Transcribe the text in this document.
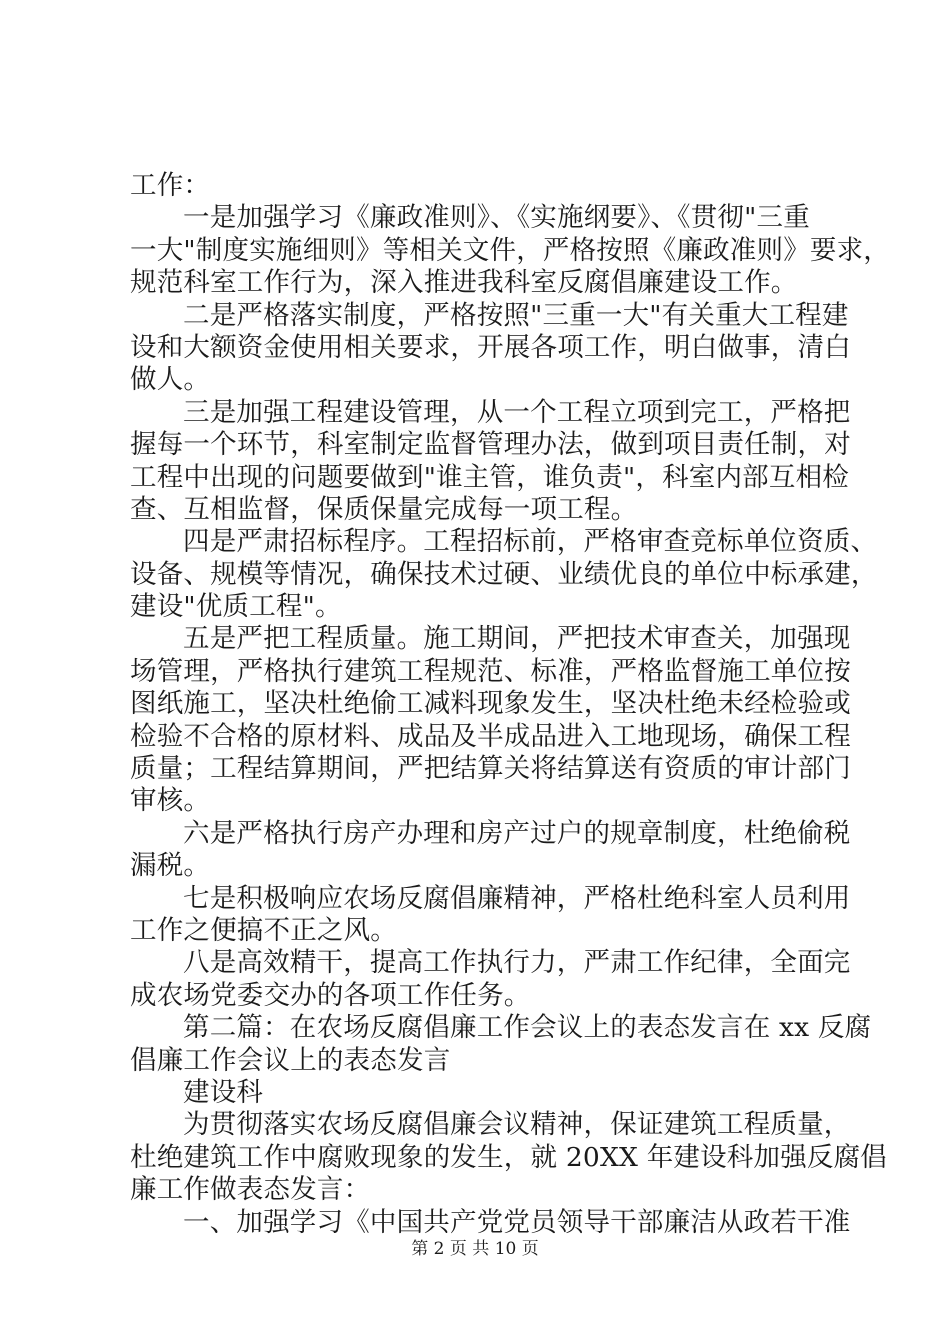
工作：
一是加强学习《廉政准则》、《实施纲要》、《贯彻"三重
一大"制度实施细则》等相关文件，严格按照《廉政准则》要求，
规范科室工作行为，深入推进我科室反腐倡廉建设工作。
二是严格落实制度，严格按照"三重一大"有关重大工程建
设和大额资金使用相关要求，开展各项工作，明白做事，清白
做人。
三是加强工程建设管理，从一个工程立项到完工，严格把
握每一个环节，科室制定监督管理办法，做到项目责任制，对
工程中出现的问题要做到"谁主管，谁负责"，科室内部互相检
查、互相监督，保质保量完成每一项工程。
四是严肃招标程序。工程招标前，严格审查竞标单位资质、
设备、规模等情况，确保技术过硬、业绩优良的单位中标承建，
建设"优质工程"。
五是严把工程质量。施工期间，严把技术审查关，加强现
场管理，严格执行建筑工程规范、标准，严格监督施工单位按
图纸施工，坚决杜绝偷工减料现象发生，坚决杜绝未经检验或
检验不合格的原材料、成品及半成品进入工地现场，确保工程
质量；工程结算期间，严把结算关将结算送有资质的审计部门
审核。
六是严格执行房产办理和房产过户的规章制度，杜绝偷税
漏税。
七是积极响应农场反腐倡廉精神，严格杜绝科室人员利用
工作之便搞不正之风。
八是高效精干，提高工作执行力，严肃工作纪律，全面完
成农场党委交办的各项工作任务。
第二篇：在农场反腐倡廉工作会议上的表态发言在 xx 反腐
倡廉工作会议上的表态发言
建设科
为贯彻落实农场反腐倡廉会议精神，保证建筑工程质量，
杜绝建筑工作中腐败现象的发生，就 20XX 年建设科加强反腐倡
廉工作做表态发言：
一、加强学习《中国共产党党员领导干部廉洁从政若干准
第 2 页 共 10 页
